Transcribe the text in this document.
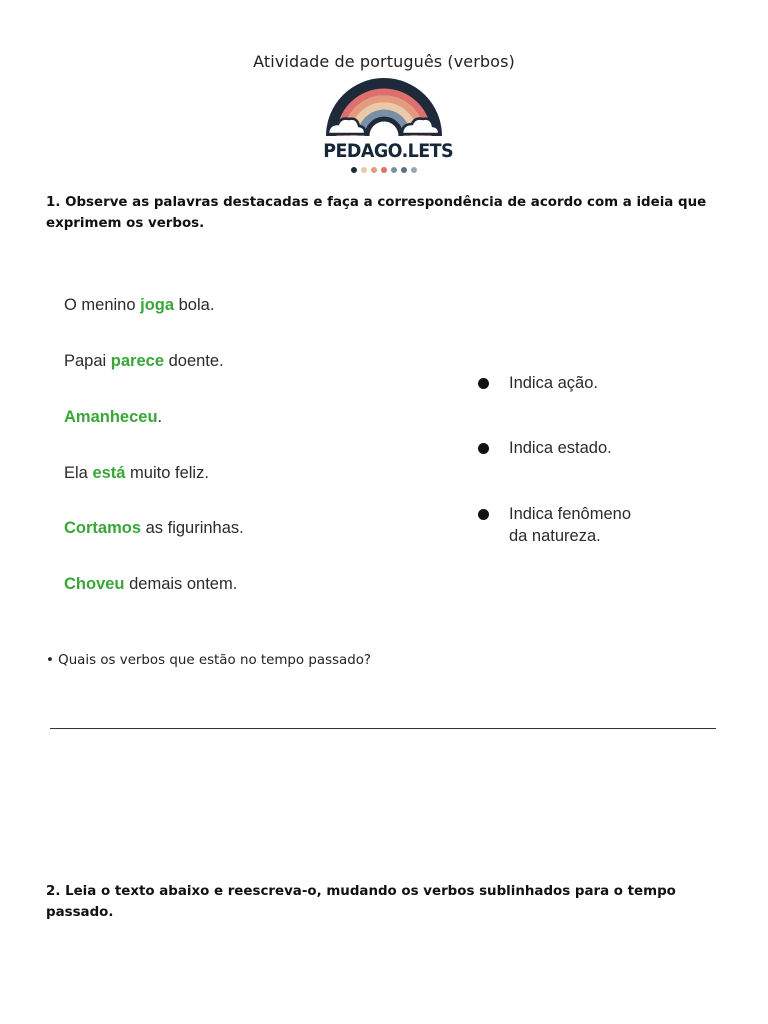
Atividade de português (verbos)
PEDAGO.LETS
1. Observe as palavras destacadas e faça a correspondência de acordo com a ideia que exprimem os verbos.
O menino joga bola.
Papai parece doente.
Amanheceu.
Ela está muito feliz.
Cortamos as figurinhas.
Choveu demais ontem.
Indica ação.
Indica estado.
Indica fenômeno
da natureza.
• Quais os verbos que estão no tempo passado?
2. Leia o texto abaixo e reescreva-o, mudando os verbos sublinhados para o tempo passado.
